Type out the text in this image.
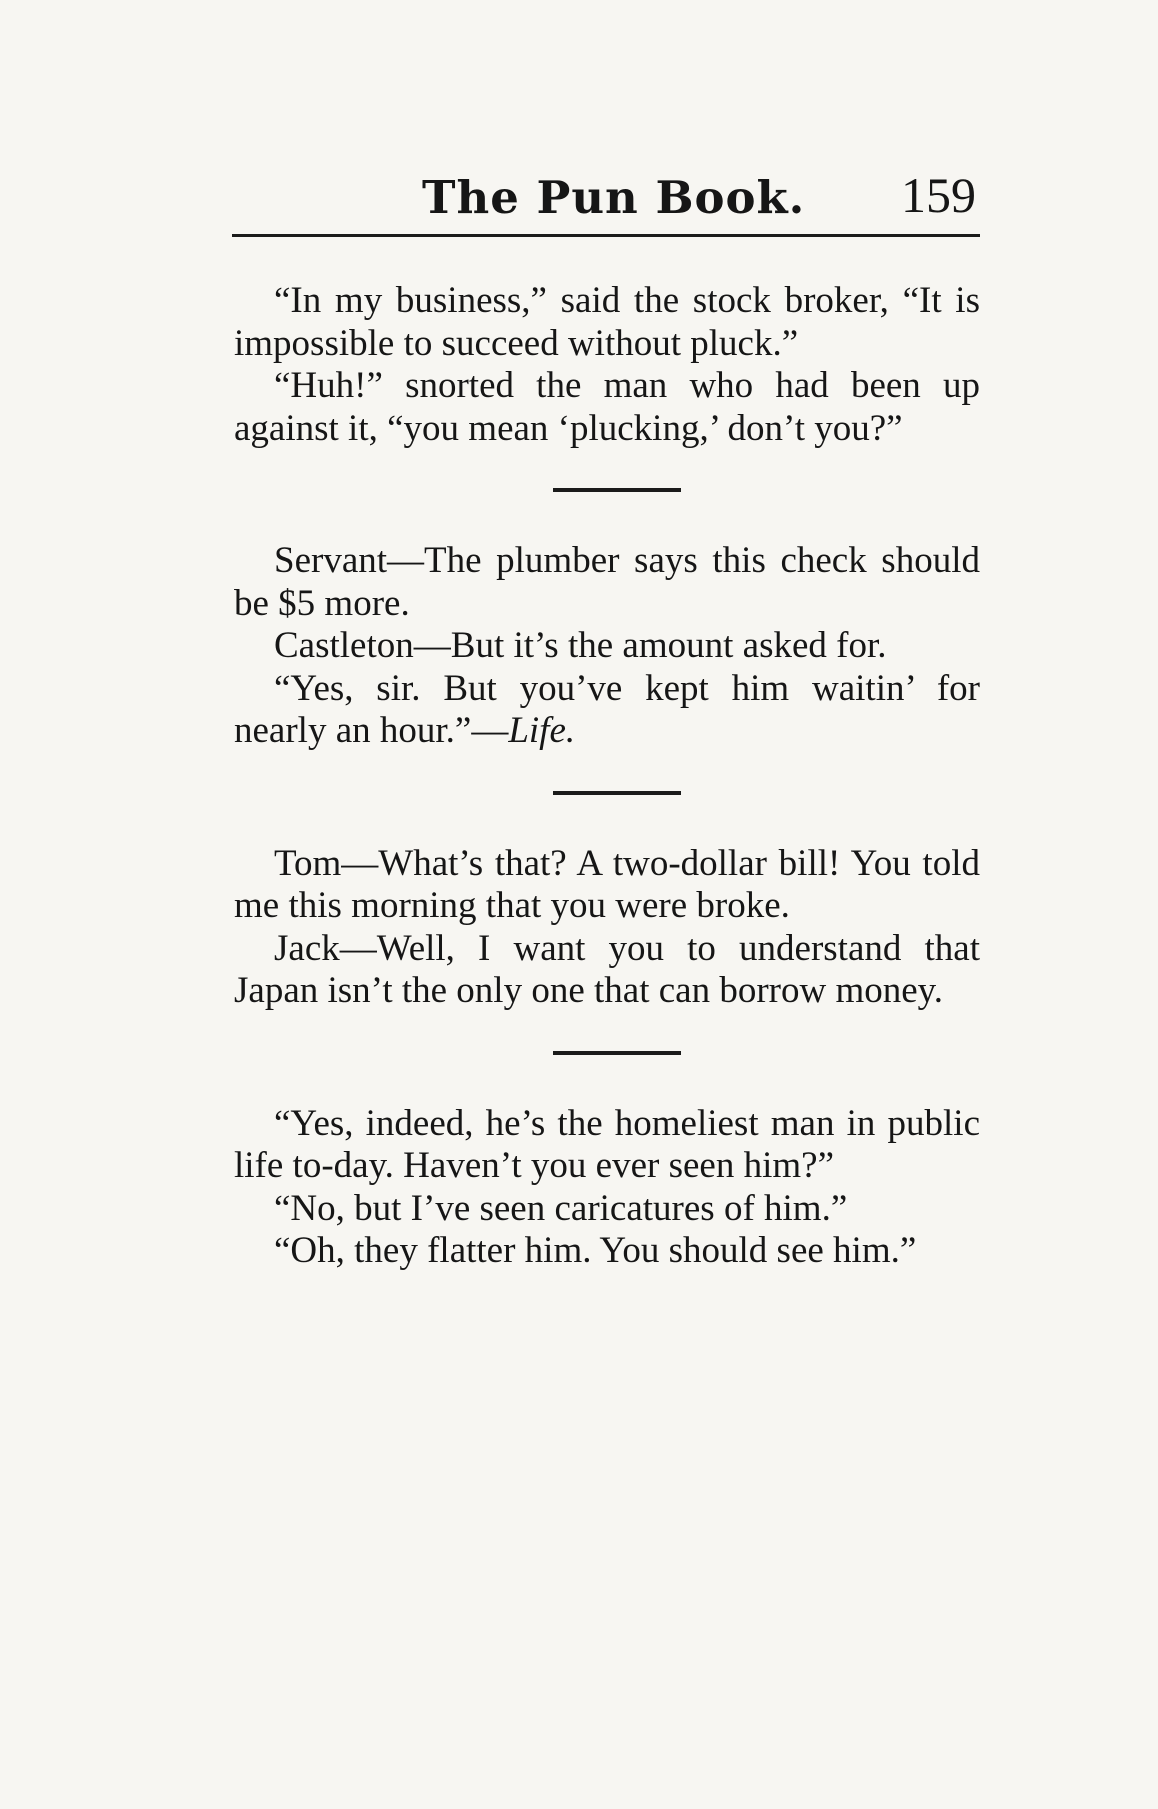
The Pun Book. 159

“In my business,” said the stock broker, “It is impossible to succeed without pluck.”

“Huh!” snorted the man who had been up against it, “you mean ‘plucking,’ don’t you?”

Servant—The plumber says this check should be $5 more.

Castleton—But it’s the amount asked for.

“Yes, sir. But you’ve kept him waitin’ for nearly an hour.”—Life.

Tom—What’s that? A two-dollar bill! You told me this morning that you were broke.

Jack—Well, I want you to understand that Japan isn’t the only one that can borrow money.

“Yes, indeed, he’s the homeliest man in public life to-day. Haven’t you ever seen him?”

“No, but I’ve seen caricatures of him.”

“Oh, they flatter him. You should see him.”
